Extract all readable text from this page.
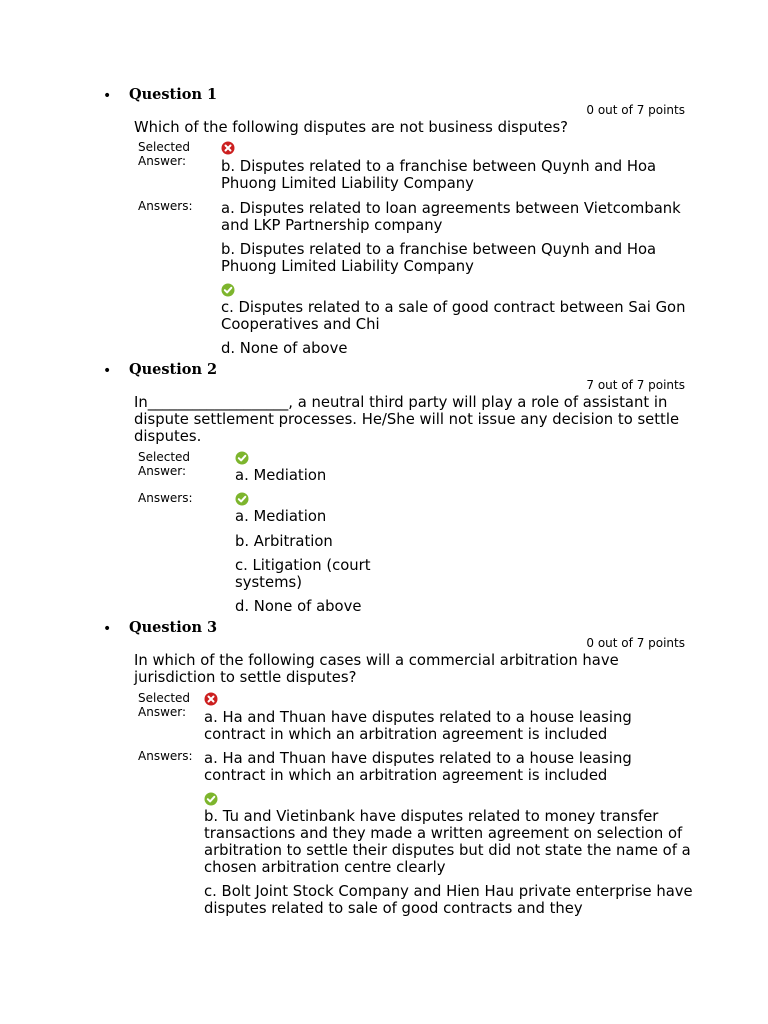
• Question 1
0 out of 7 points
Which of the following disputes are not business disputes?
Selected Answer:	b. Disputes related to a franchise between Quynh and Hoa Phuong Limited Liability Company
Answers: a. Disputes related to loan agreements between Vietcombank and LKP Partnership company
b. Disputes related to a franchise between Quynh and Hoa Phuong Limited Liability Company
c. Disputes related to a sale of good contract between Sai Gon Cooperatives and Chi
d. None of above
• Question 2
7 out of 7 points
In___________________, a neutral third party will play a role of assistant in dispute settlement processes. He/She will not issue any decision to settle disputes.
Selected Answer:	a. Mediation
Answers:
a. Mediation
b. Arbitration
c. Litigation (court systems)
d. None of above
• Question 3
0 out of 7 points
In which of the following cases will a commercial arbitration have jurisdiction to settle disputes?
Selected Answer:	a. Ha and Thuan have disputes related to a house leasing contract in which an arbitration agreement is included
Answers: a. Ha and Thuan have disputes related to a house leasing contract in which an arbitration agreement is included
b. Tu and Vietinbank have disputes related to money transfer transactions and they made a written agreement on selection of arbitration to settle their disputes but did not state the name of a chosen arbitration centre clearly
c. Bolt Joint Stock Company and Hien Hau private enterprise have disputes related to sale of good contracts and they
